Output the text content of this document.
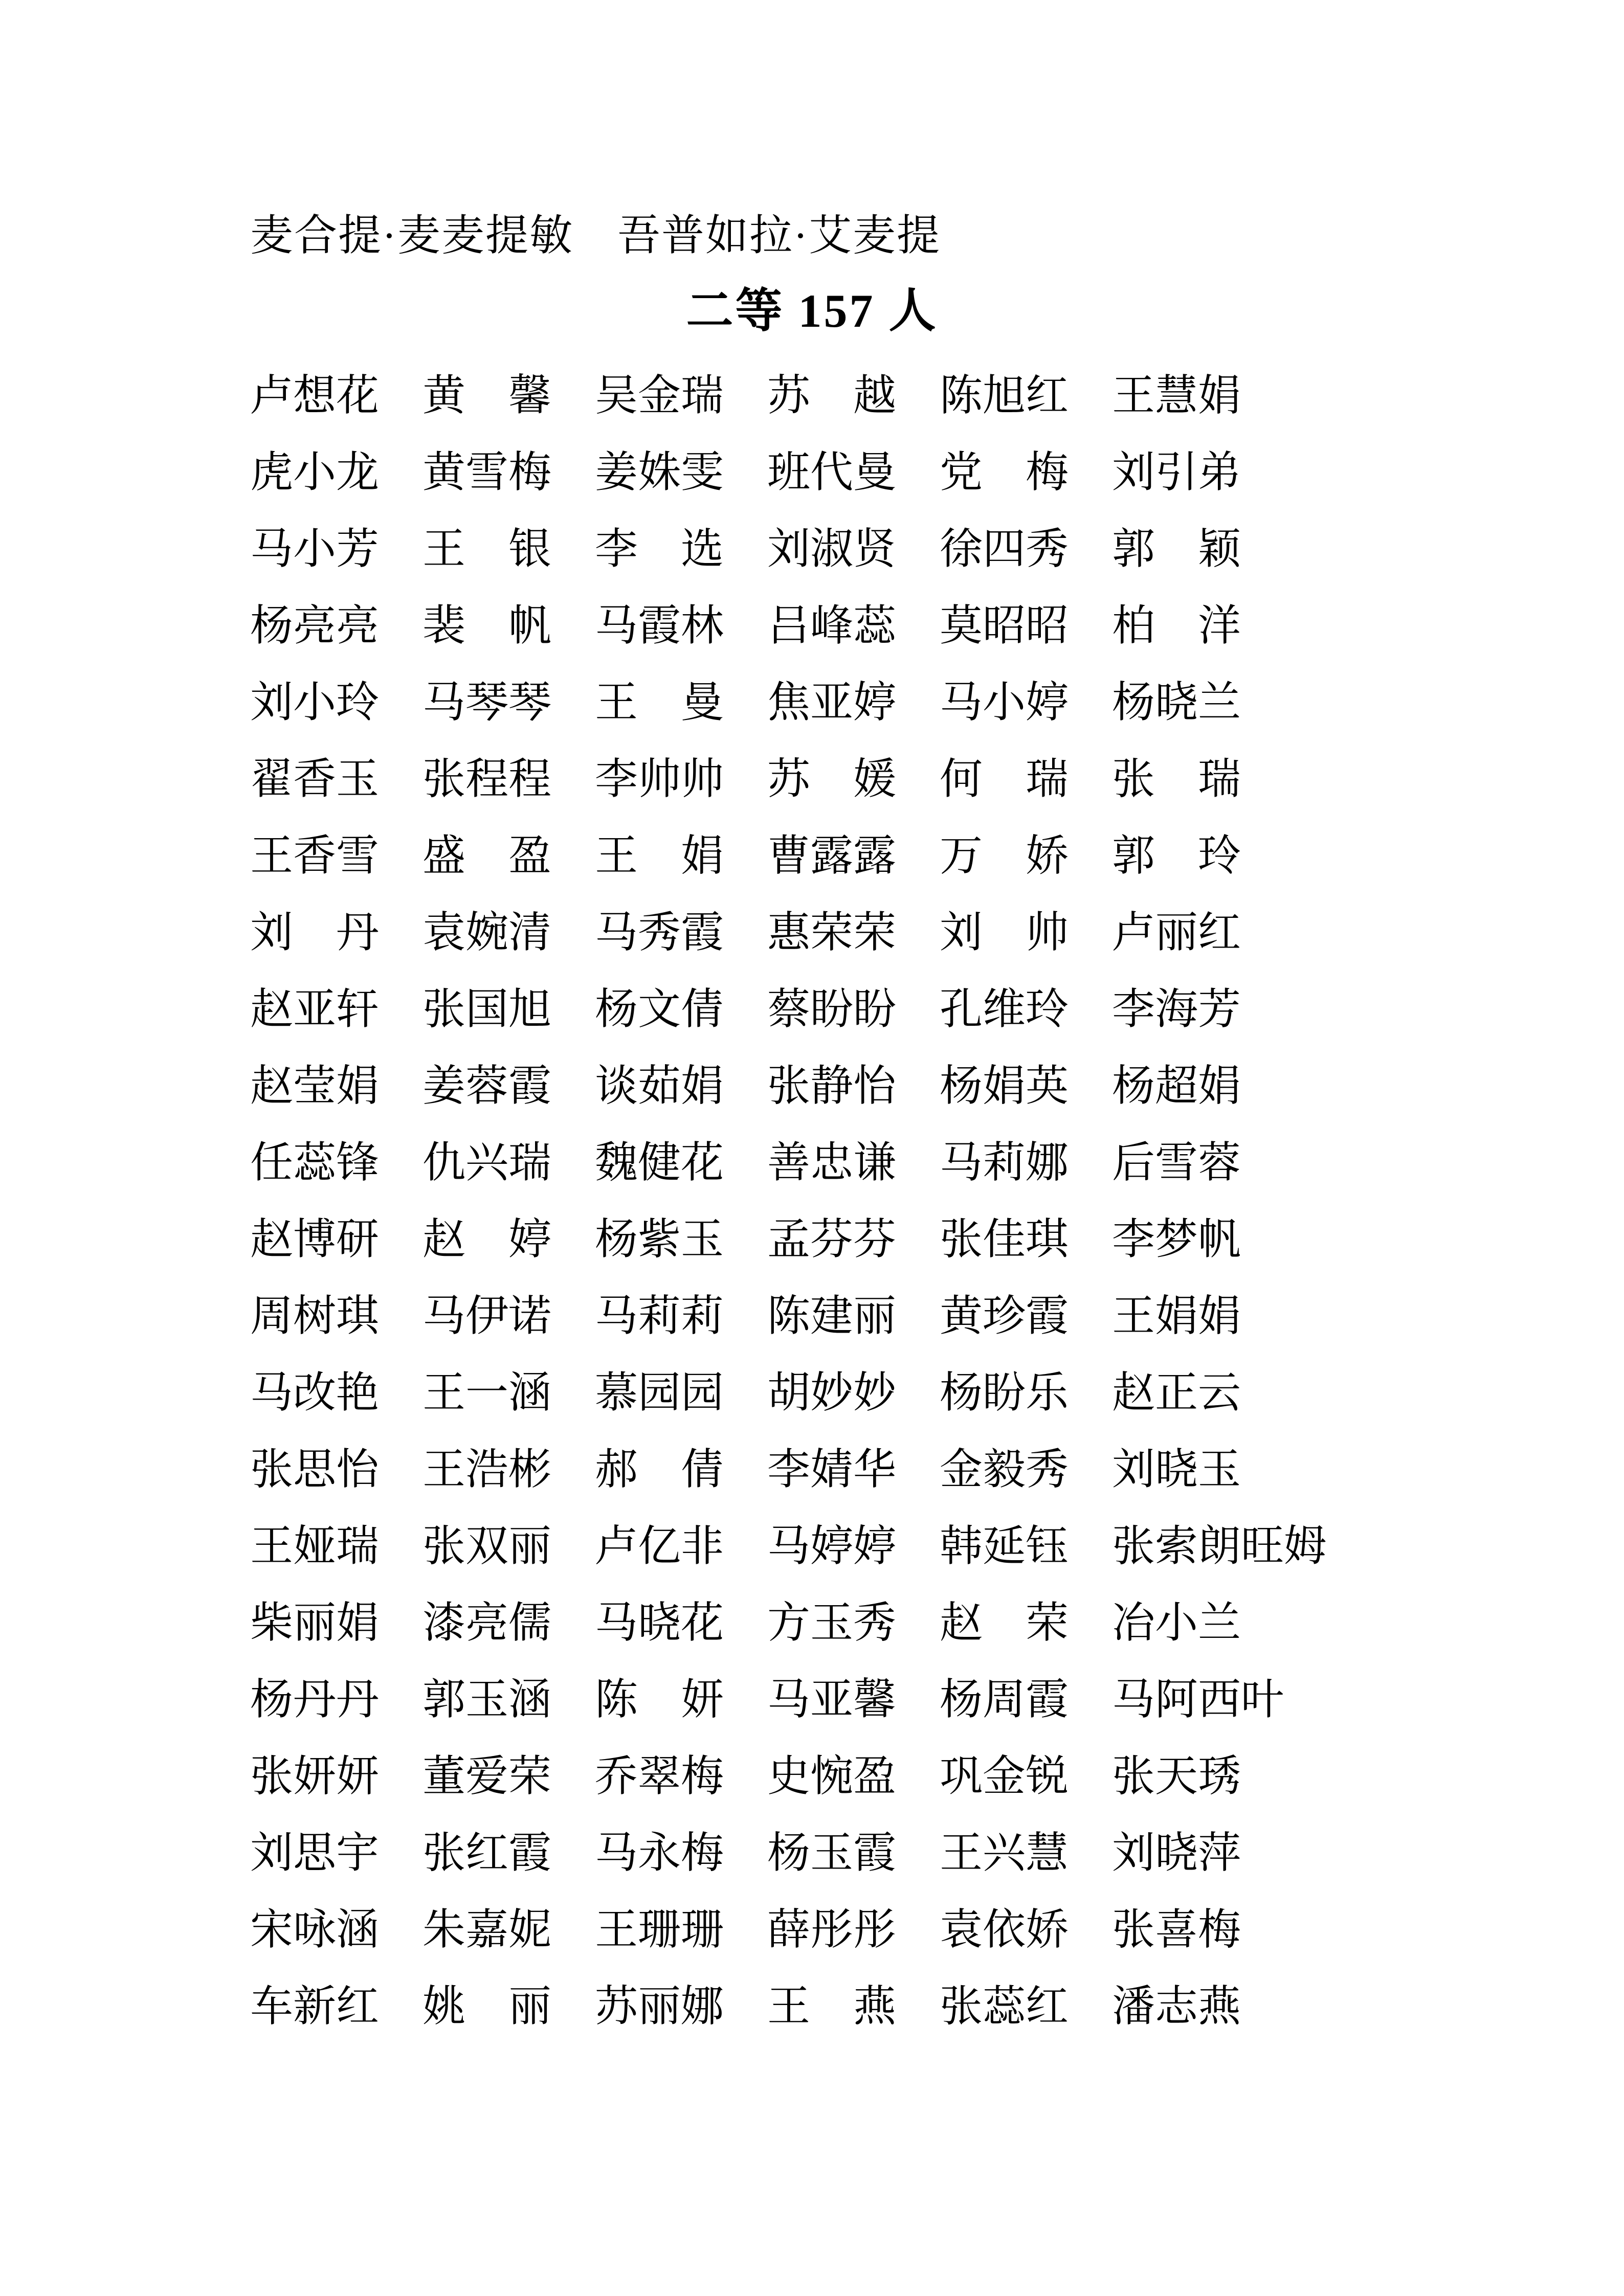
麦合提·麦麦提敏　吾普如拉·艾麦提
二等 157 人
卢想花	黄　馨	吴金瑞	苏　越	陈旭红	王慧娟
虎小龙	黄雪梅	姜姝雯	班代曼	党　梅	刘引弟
马小芳	王　银	李　选	刘淑贤	徐四秀	郭　颖
杨亮亮	裴　帆	马霞林	吕峰蕊	莫昭昭	柏　洋
刘小玲	马琴琴	王　曼	焦亚婷	马小婷	杨晓兰
翟香玉	张程程	李帅帅	苏　媛	何　瑞	张　瑞
王香雪	盛　盈	王　娟	曹露露	万　娇	郭　玲
刘　丹	袁婉清	马秀霞	惠荣荣	刘　帅	卢丽红
赵亚轩	张国旭	杨文倩	蔡盼盼	孔维玲	李海芳
赵莹娟	姜蓉霞	谈茹娟	张静怡	杨娟英	杨超娟
任蕊锋	仇兴瑞	魏健花	善忠谦	马莉娜	后雪蓉
赵博研	赵　婷	杨紫玉	孟芬芬	张佳琪	李梦帆
周树琪	马伊诺	马莉莉	陈建丽	黄珍霞	王娟娟
马改艳	王一涵	慕园园	胡妙妙	杨盼乐	赵正云
张思怡	王浩彬	郝　倩	李婧华	金毅秀	刘晓玉
王娅瑞	张双丽	卢亿非	马婷婷	韩延钰	张索朗旺姆
柴丽娟	漆亮儒	马晓花	方玉秀	赵　荣	冶小兰
杨丹丹	郭玉涵	陈　妍	马亚馨	杨周霞	马阿西叶
张妍妍	董爱荣	乔翠梅	史惋盈	巩金锐	张天琇
刘思宇	张红霞	马永梅	杨玉霞	王兴慧	刘晓萍
宋咏涵	朱嘉妮	王珊珊	薛彤彤	袁依娇	张喜梅
车新红	姚　丽	苏丽娜	王　燕	张蕊红	潘志燕
